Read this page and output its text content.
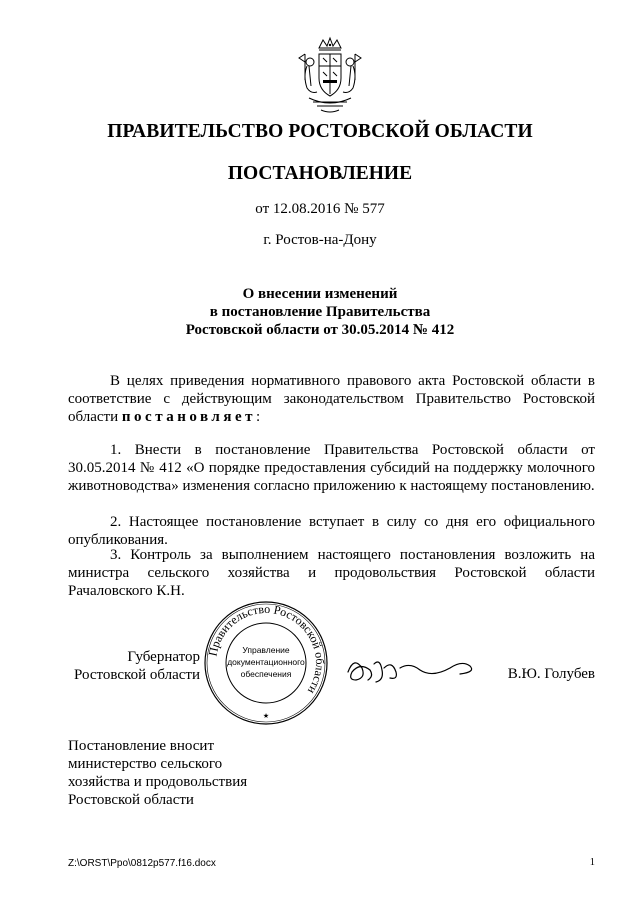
ПРАВИТЕЛЬСТВО РОСТОВСКОЙ ОБЛАСТИ
ПОСТАНОВЛЕНИЕ
от 12.08.2016 № 577
г. Ростов-на-Дону
О внесении изменений
в постановление Правительства
Ростовской области от 30.05.2014 № 412
В целях приведения нормативного правового акта Ростовской области в соответствие с действующим законодательством Правительство Ростовской области постановляет:
1. Внести в постановление Правительства Ростовской области от 30.05.2014 № 412 «О порядке предоставления субсидий на поддержку молочного животноводства» изменения согласно приложению к настоящему постановлению.
2. Настоящее постановление вступает в силу со дня его официального опубликования.
3. Контроль за выполнением настоящего постановления возложить на министра сельского хозяйства и продовольствия Ростовской области Рачаловского К.Н.
Губернатор
Ростовской области
Правительство Ростовской области
Управление
документационного
обеспечения
★
В.Ю. Голубев
Постановление вносит
министерство сельского
хозяйства и продовольствия
Ростовской области
Z:\ORST\Ppo\0812p577.f16.docx	1
